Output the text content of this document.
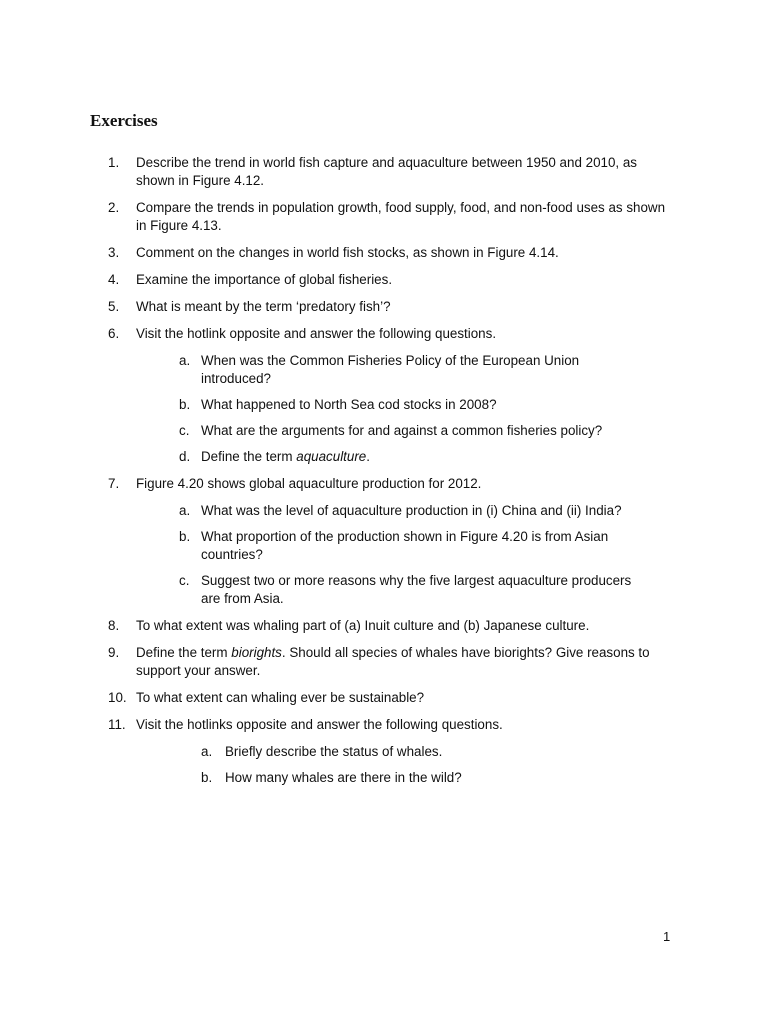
Exercises
1.	Describe the trend in world fish capture and aquaculture between 1950 and 2010, as shown in Figure 4.12.
2.	Compare the trends in population growth, food supply, food, and non-food uses as shown in Figure 4.13.
3.	Comment on the changes in world fish stocks, as shown in Figure 4.14.
4.	Examine the importance of global fisheries.
5.	What is meant by the term ‘predatory fish’?
6.	Visit the hotlink opposite and answer the following questions.
a. When was the Common Fisheries Policy of the European Union introduced?
b. What happened to North Sea cod stocks in 2008?
c. What are the arguments for and against a common fisheries policy?
d. Define the term aquaculture.
7.	Figure 4.20 shows global aquaculture production for 2012.
a. What was the level of aquaculture production in (i) China and (ii) India?
b. What proportion of the production shown in Figure 4.20 is from Asian countries?
c. Suggest two or more reasons why the five largest aquaculture producers are from Asia.
8.	To what extent was whaling part of (a) Inuit culture and (b) Japanese culture.
9.	Define the term biorights. Should all species of whales have biorights? Give reasons to support your answer.
10. To what extent can whaling ever be sustainable?
11. Visit the hotlinks opposite and answer the following questions.
a. Briefly describe the status of whales.
b. How many whales are there in the wild?
1
